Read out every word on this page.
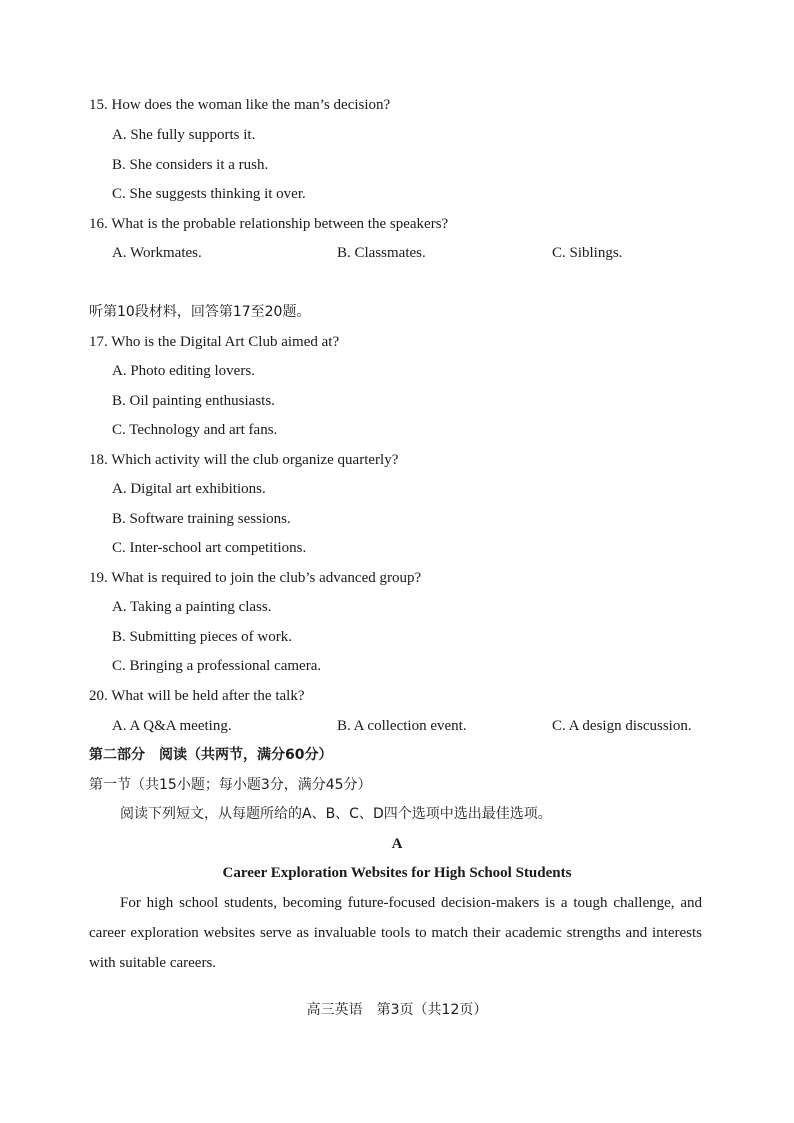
15. How does the woman like the man’s decision?
A. She fully supports it.
B. She considers it a rush.
C. She suggests thinking it over.
16. What is the probable relationship between the speakers?
A. Workmates.	B. Classmates.	C. Siblings.
听第10段材料，回答第17至20题。
17. Who is the Digital Art Club aimed at?
A. Photo editing lovers.
B. Oil painting enthusiasts.
C. Technology and art fans.
18. Which activity will the club organize quarterly?
A. Digital art exhibitions.
B. Software training sessions.
C. Inter-school art competitions.
19. What is required to join the club’s advanced group?
A. Taking a painting class.
B. Submitting pieces of work.
C. Bringing a professional camera.
20. What will be held after the talk?
A. A Q&A meeting.	B. A collection event.	C. A design discussion.
第二部分　阅读（共两节，满分60分）
第一节（共15小题；每小题3分，满分45分）
阅读下列短文，从每题所给的A、B、C、D四个选项中选出最佳选项。
A
Career Exploration Websites for High School Students
For high school students, becoming future-focused decision-makers is a tough challenge, and career exploration websites serve as invaluable tools to match their academic strengths and interests with suitable careers.
高三英语　第3页（共12页）
